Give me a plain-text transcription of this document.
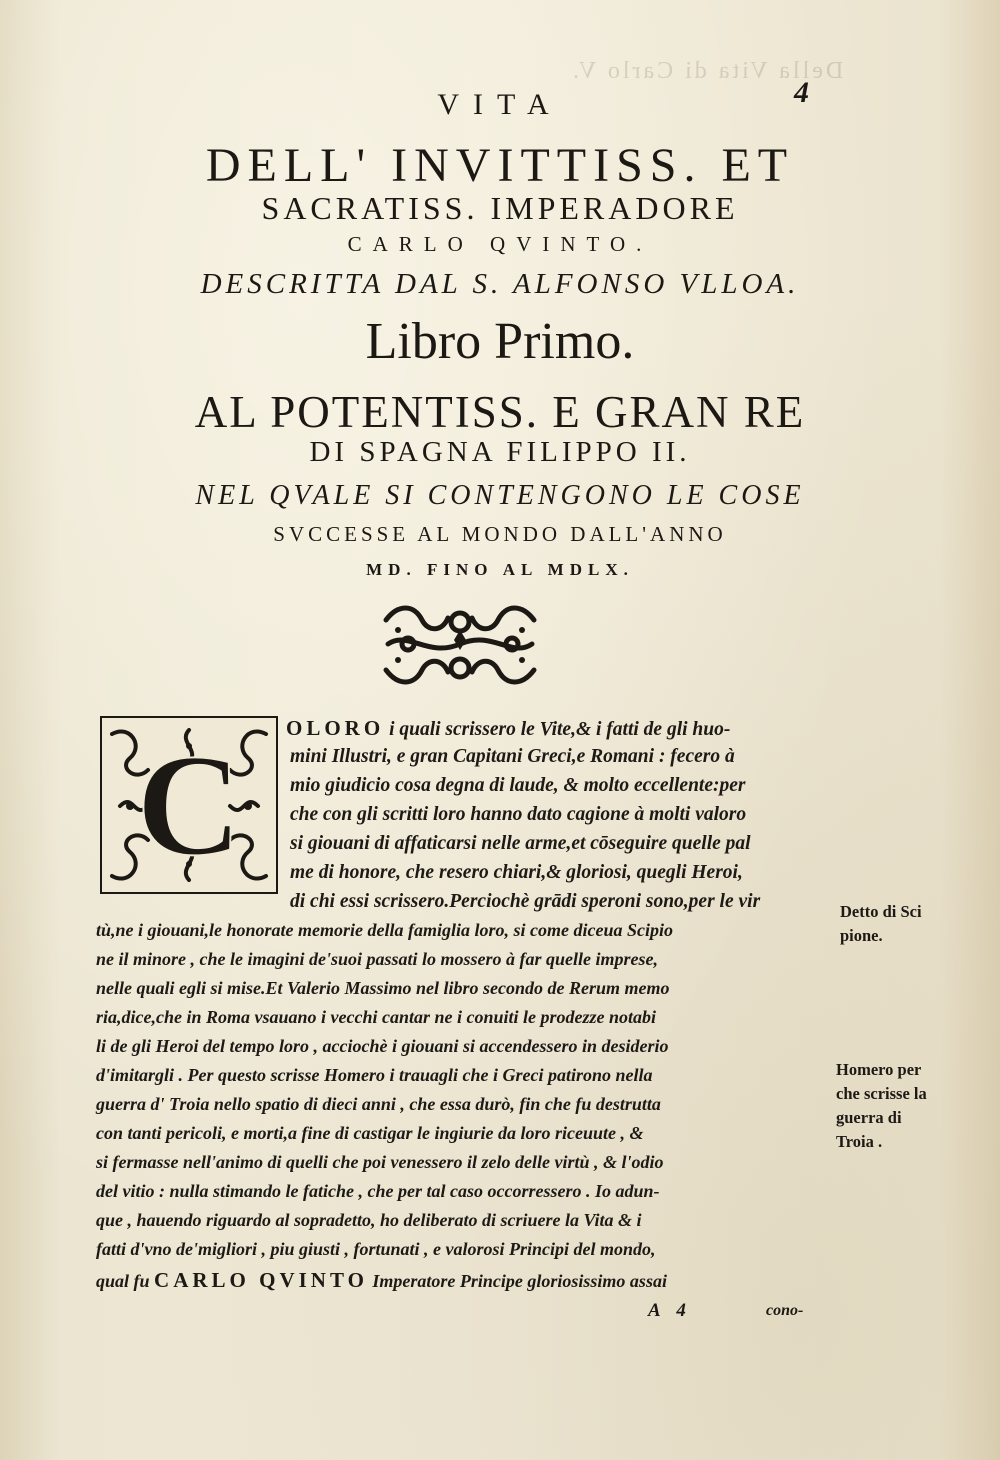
Della Vita di Carlo V.
4
VITA
DELL' INVITTISS. ET
SACRATISS. IMPERADORE
CARLO QVINTO.
DESCRITTA DAL S. ALFONSO VLLOA.
Libro Primo.
AL POTENTISS. E GRAN RE
DI SPAGNA FILIPPO II.
NEL QVALE SI CONTENGONO LE COSE
SVCCESSE AL MONDO DALL'ANNO
MD. FINO AL MDLX.
C OLORO i quali scrissero le Vite,& i fatti de gli huo-
mini Illustri, e gran Capitani Greci,e Romani : fecero à
mio giudicio cosa degna di laude, & molto eccellente:per
che con gli scritti loro hanno dato cagione à molti valoro
si giouani di affaticarsi nelle arme,et cōseguire quelle pal
me di honore, che resero chiari,& gloriosi, quegli Heroi,
di chi essi scrissero.Perciochè grādi speroni sono,per le vir
tù,ne i giouani,le honorate memorie della famiglia loro, si come diceua Scipio
ne il minore , che le imagini de'suoi passati lo mossero à far quelle imprese,
nelle quali egli si mise.Et Valerio Massimo nel libro secondo de Rerum memo
ria,dice,che in Roma vsauano i vecchi cantar ne i conuiti le prodezze notabi
li de gli Heroi del tempo loro , acciochè i giouani si accendessero in desiderio
d'imitargli . Per questo scrisse Homero i trauagli che i Greci patirono nella
guerra d' Troia nello spatio di dieci anni , che essa durò, fin che fu destrutta
con tanti pericoli, e morti,a fine di castigar le ingiurie da loro riceuute , &
si fermasse nell'animo di quelli che poi venessero il zelo delle virtù , & l'odio
del vitio : nulla stimando le fatiche , che per tal caso occorressero . Io adun-
que , hauendo riguardo al sopradetto, ho deliberato di scriuere la Vita & i
fatti d'vno de'migliori , piu giusti , fortunati , e valorosi Principi del mondo,
qual fu CARLO QVINTO Imperatore Principe gloriosissimo assai
Detto di Sci
pione.
Homero per
che scrisse la
guerra di
Troia .
A 4	cono-
